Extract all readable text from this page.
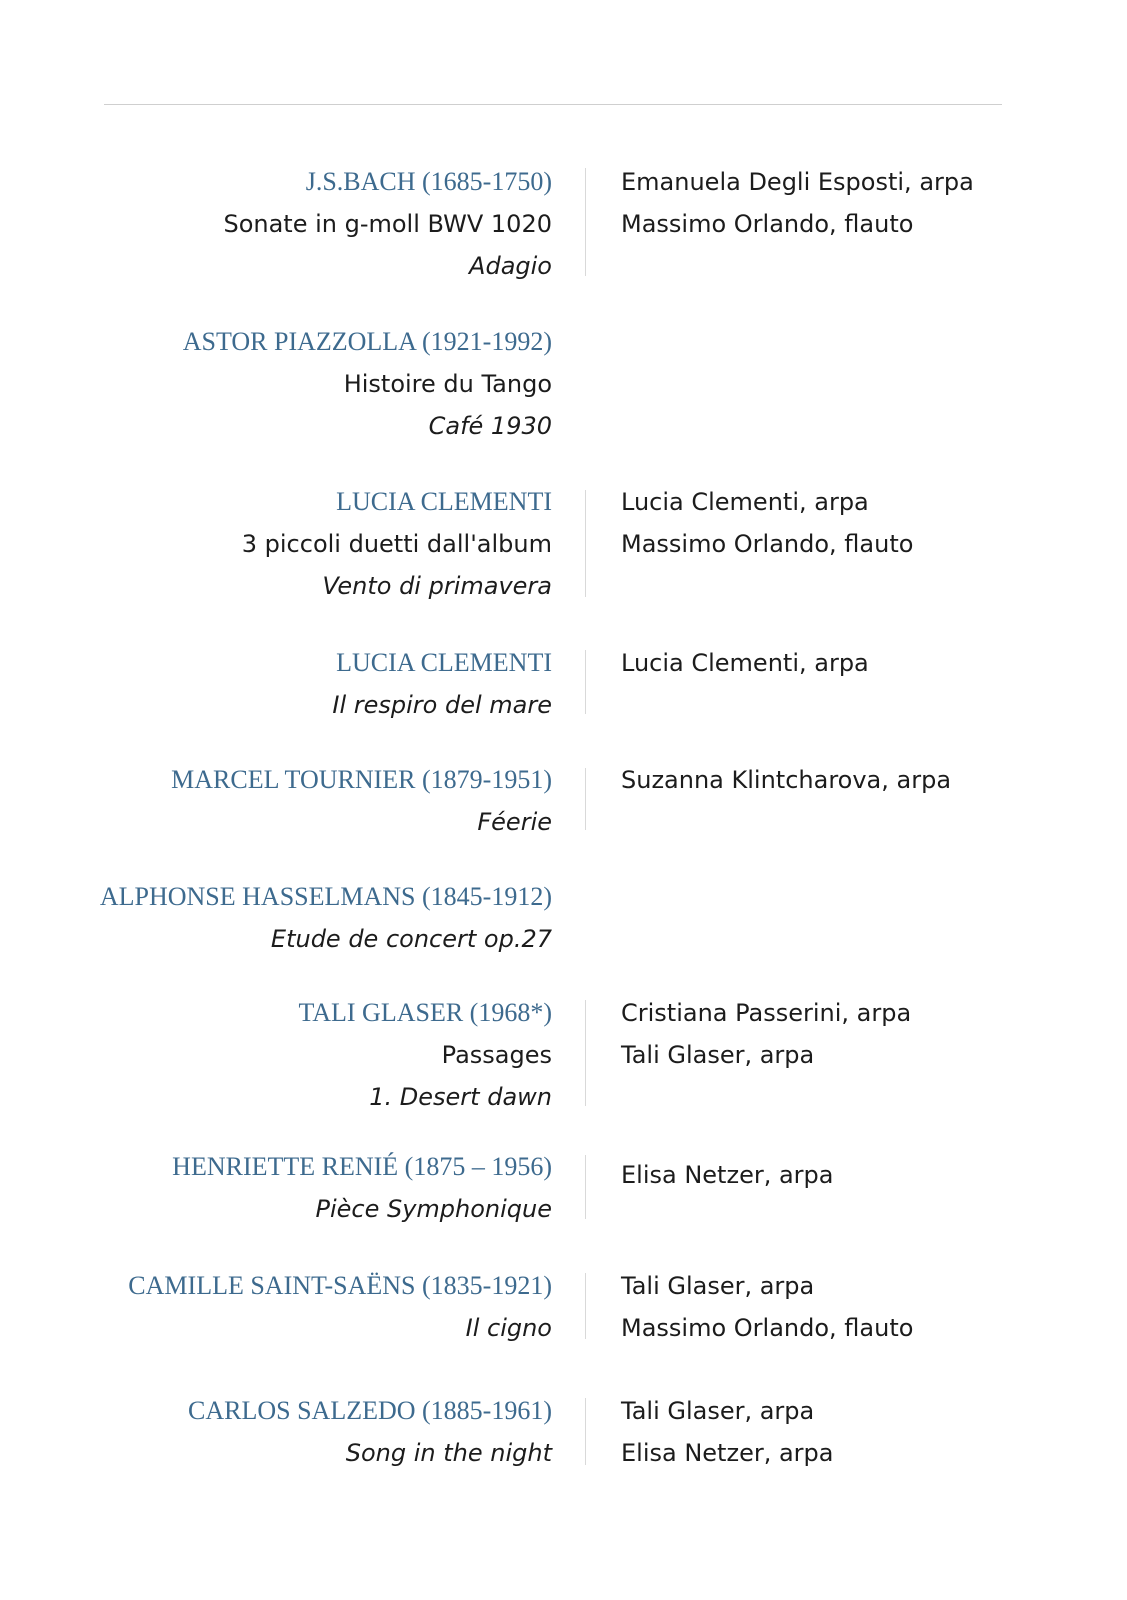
J.S.BACH (1685-1750)
Sonate in g-moll BWV 1020
Adagio
Emanuela Degli Esposti, arpa
Massimo Orlando, flauto
ASTOR PIAZZOLLA (1921-1992)
Histoire du Tango
Café 1930
LUCIA CLEMENTI
3 piccoli duetti dall'album
Vento di primavera
Lucia Clementi, arpa
Massimo Orlando, flauto
LUCIA CLEMENTI
Il respiro del mare
Lucia Clementi, arpa
MARCEL TOURNIER (1879-1951)
Féerie
Suzanna Klintcharova, arpa
ALPHONSE HASSELMANS (1845-1912)
Etude de concert op.27
TALI GLASER (1968*)
Passages
1. Desert dawn
Cristiana Passerini, arpa
Tali Glaser, arpa
HENRIETTE RENIÉ (1875 – 1956)
Pièce Symphonique
Elisa Netzer, arpa
CAMILLE SAINT-SAËNS (1835-1921)
Il cigno
Tali Glaser, arpa
Massimo Orlando, flauto
CARLOS SALZEDO (1885-1961)
Song in the night
Tali Glaser, arpa
Elisa Netzer, arpa
